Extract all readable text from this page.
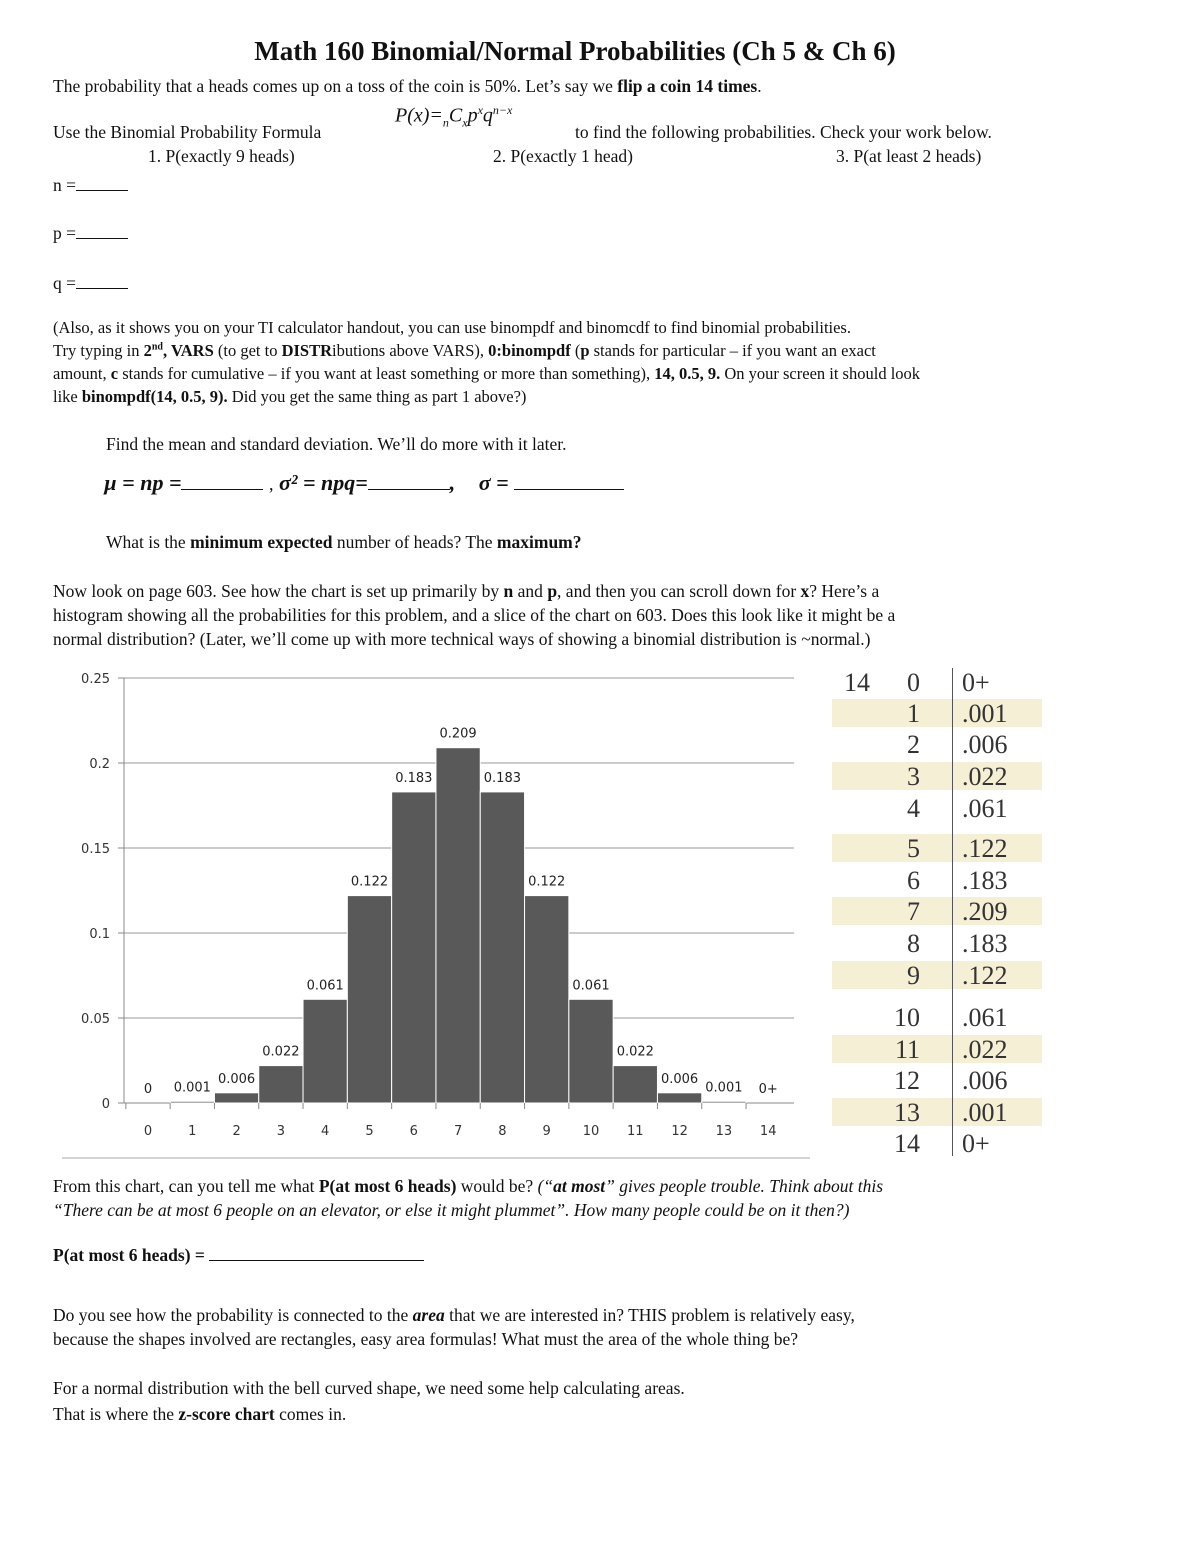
Math 160 Binomial/Normal Probabilities (Ch 5 & Ch 6)
The probability that a heads comes up on a toss of the coin is 50%. Let’s say we flip a coin 14 times.
Use the Binomial Probability Formula
$P(x)=_nC_xp^xq^{n-x}$
to find the following probabilities. Check your work below.
1. P(exactly 9 heads)	2. P(exactly 1 head)	3. P(at least 2 heads)
n =
p =
q =
(Also, as it shows you on your TI calculator handout, you can use binompdf and binomcdf to find binomial probabilities.
Try typing in 2nd, VARS (to get to DISTRibutions above VARS), 0:binompdf (p stands for particular – if you want an exact
amount, c stands for cumulative – if you want at least something or more than something), 14, 0.5, 9. On your screen it should look
like binompdf(14, 0.5, 9). Did you get the same thing as part 1 above?)
Find the mean and standard deviation. We’ll do more with it later.
µ = np =	, σ² = npq=	, σ =
What is the minimum expected number of heads? The maximum?
Now look on page 603. See how the chart is set up primarily by n and p, and then you can scroll down for x? Here’s a
histogram showing all the probabilities for this problem, and a slice of the chart on 603. Does this look like it might be a
normal distribution? (Later, we’ll come up with more technical ways of showing a binomial distribution is ~normal.)
0
0.05
0.1
0.15
0.2
0.25
0
0
1
0.001
2
0.006
3
0.022
4
0.061
5
0.122
6
0.183
7
0.209
8
0.183
9
0.122
10
0.061
11
0.022
12
0.006
13
0.001
14
0+
14	0 0+
1 .001
2 .006
3 .022
4 .061
5 .122
6 .183
7 .209
8 .183
9 .122
10 .061
11 .022
12 .006
13 .001
14 0+
From this chart, can you tell me what P(at most 6 heads) would be? (“at most” gives people trouble. Think about this
“There can be at most 6 people on an elevator, or else it might plummet”. How many people could be on it then?)
P(at most 6 heads) =
Do you see how the probability is connected to the area that we are interested in? THIS problem is relatively easy,
because the shapes involved are rectangles, easy area formulas! What must the area of the whole thing be?
For a normal distribution with the bell curved shape, we need some help calculating areas.
That is where the z-score chart comes in.
